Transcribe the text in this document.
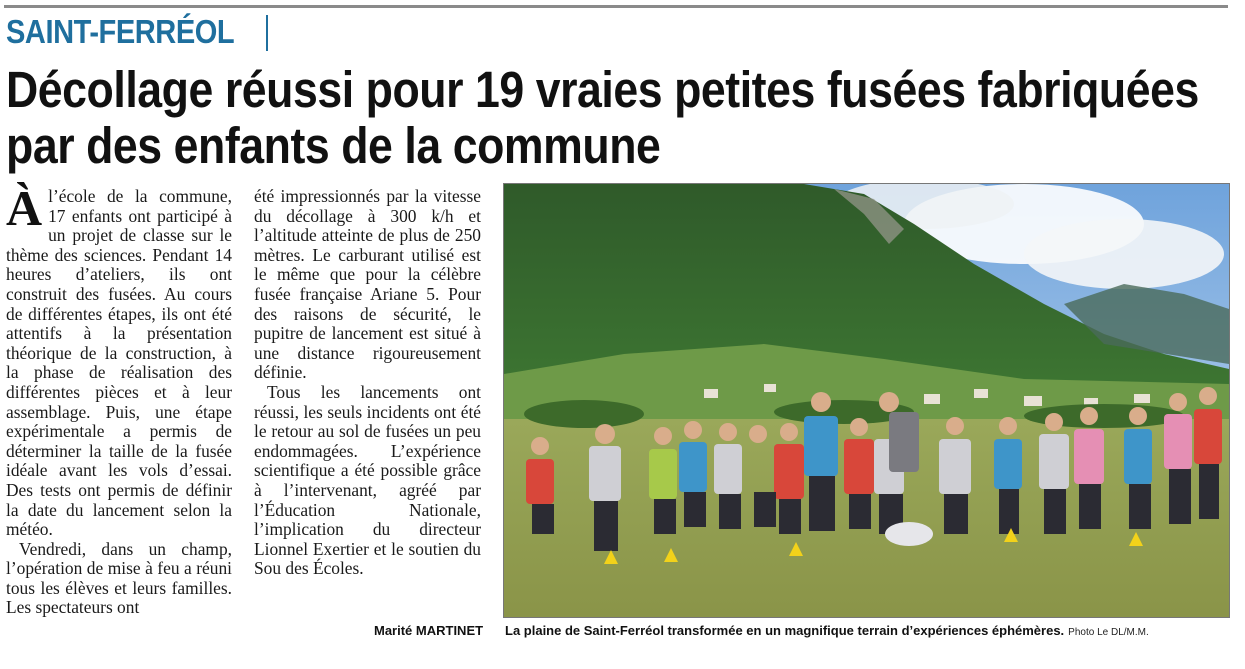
SAINT-FERRÉOL
Décollage réussi pour 19 vraies petites fusées fabriquées par des enfants de la commune

Àl’école de la commune, 17 enfants ont participé à un projet de classe sur le thème des sciences. Pendant 14 heures d’ateliers, ils ont construit des fusées. Au cours de différentes étapes, ils ont été attentifs à la présentation théorique de la construction, à la phase de réalisation des différentes pièces et à leur assemblage. Puis, une étape expérimentale a permis de déterminer la taille de la fusée idéale avant les vols d’essai. Des tests ont permis de définir la date du lancement selon la météo.

Vendredi, dans un champ, l’opération de mise à feu a réuni tous les élèves et leurs familles. Les spectateurs ont

été impressionnés par la vitesse du décollage à 300 k/h et l’altitude atteinte de plus de 250 mètres. Le carburant utilisé est le même que pour la célèbre fusée française Ariane 5. Pour des raisons de sécurité, le pupitre de lancement est situé à une distance rigoureusement définie.

Tous les lancements ont réussi, les seuls incidents ont été le retour au sol de fusées un peu endommagées. L’expérience scientifique a été possible grâce à l’intervenant, agréé par l’Éducation Nationale, l’implication du directeur Lionnel Exertier et le soutien du Sou des Écoles.

Marité MARTINET La plaine de Saint-Ferréol transformée en un magnifique terrain d’expériences éphémères. Photo Le DL/M.M.
